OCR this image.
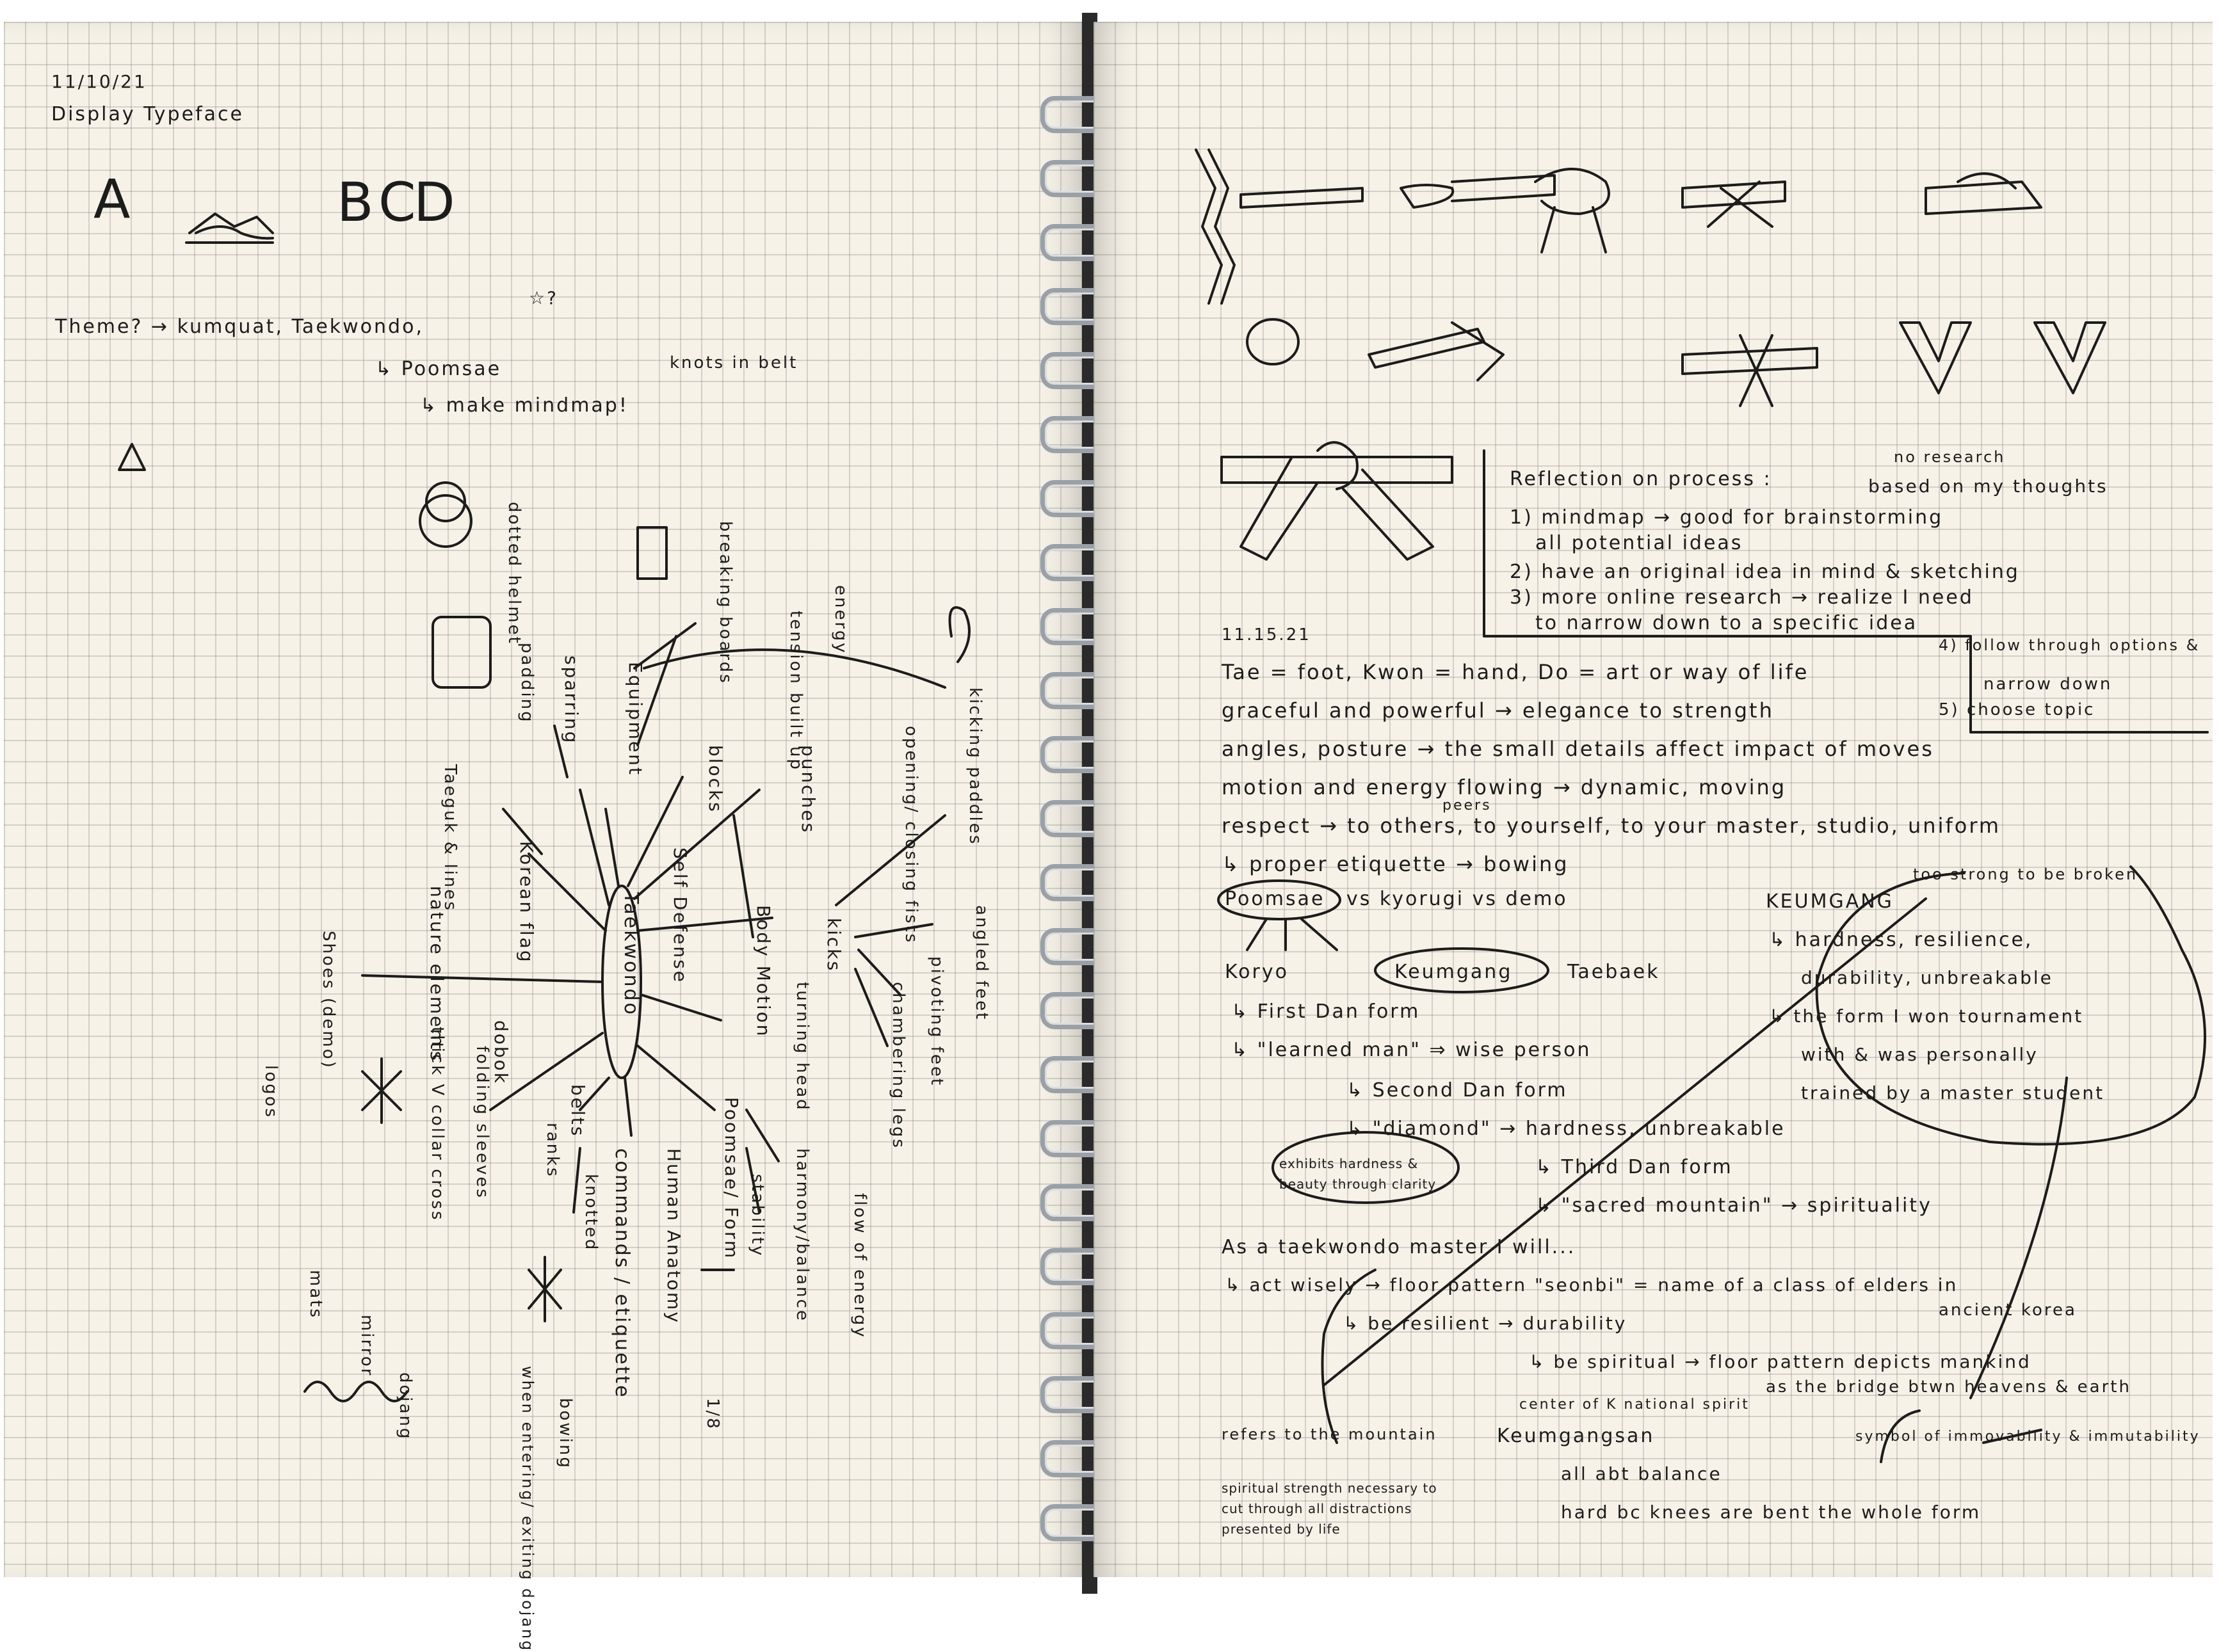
11/10/21
Display Typeface
A	B C
D
Theme? → kumquat, Taekwondo,
☆?
↳ Poomsae	knots in belt
↳ make mindmap!
Taekwondo Self Defense
blocks	punches
kicks
Equipment
Body Motion
Poomsae/ Form
commands / etiquette
belts
dobok
nature elements	Korean flag
sparring
dotted helmet
padding	breaking boards
tension built up energy
kicking paddles
opening/ closing fists
angled feet
pivoting feet
chambering legs
turning head
harmony/balance flow of energy
stability
Human Anatomy
folding sleeves
thick V collar cross	ranks
knotted
bowing
when entering/ exiting dojang
dojang
mirror
mats
Shoes (demo)
logos
Taeguk & lines
1/8
Reflection on process :
no research
based on my thoughts
1) mindmap → good for brainstorming
all potential ideas
2) have an original idea in mind & sketching
3) more online research → realize I need
to narrow down to a specific idea
4) follow through options &
narrow down
5) choose topic
11.15.21
Tae = foot, Kwon = hand, Do = art or way of life
graceful and powerful → elegance to strength
angles, posture → the small details affect impact of moves
motion and energy flowing → dynamic, moving
respect → to others, to yourself, to your master, studio, uniform
peers
↳ proper etiquette → bowing
Poomsae vs kyorugi vs demo
Koryo	Keumgang	Taebaek
↳ First Dan form
↳ "learned man" ⇒ wise person
↳ Second Dan form
↳ "diamond" → hardness, unbreakable
↳ Third Dan form
↳ "sacred mountain" → spirituality
exhibits hardness & beauty through clarity
KEUMGANG
too strong to be broken
↳ hardness, resilience,
durability, unbreakable
↳ the form I won tournament
with & was personally
trained by a master student
As a taekwondo master I will...
↳ act wisely → floor pattern "seonbi" = name of a class of elders in
ancient korea
↳ be resilient → durability
↳ be spiritual → floor pattern depicts mankind
as the bridge btwn heavens & earth
refers to the mountain
center of K national spirit
Keumgangsan	symbol of immovability & immutability
all abt balance
hard bc knees are bent the whole form
spiritual strength necessary to cut through all distractions presented by life
